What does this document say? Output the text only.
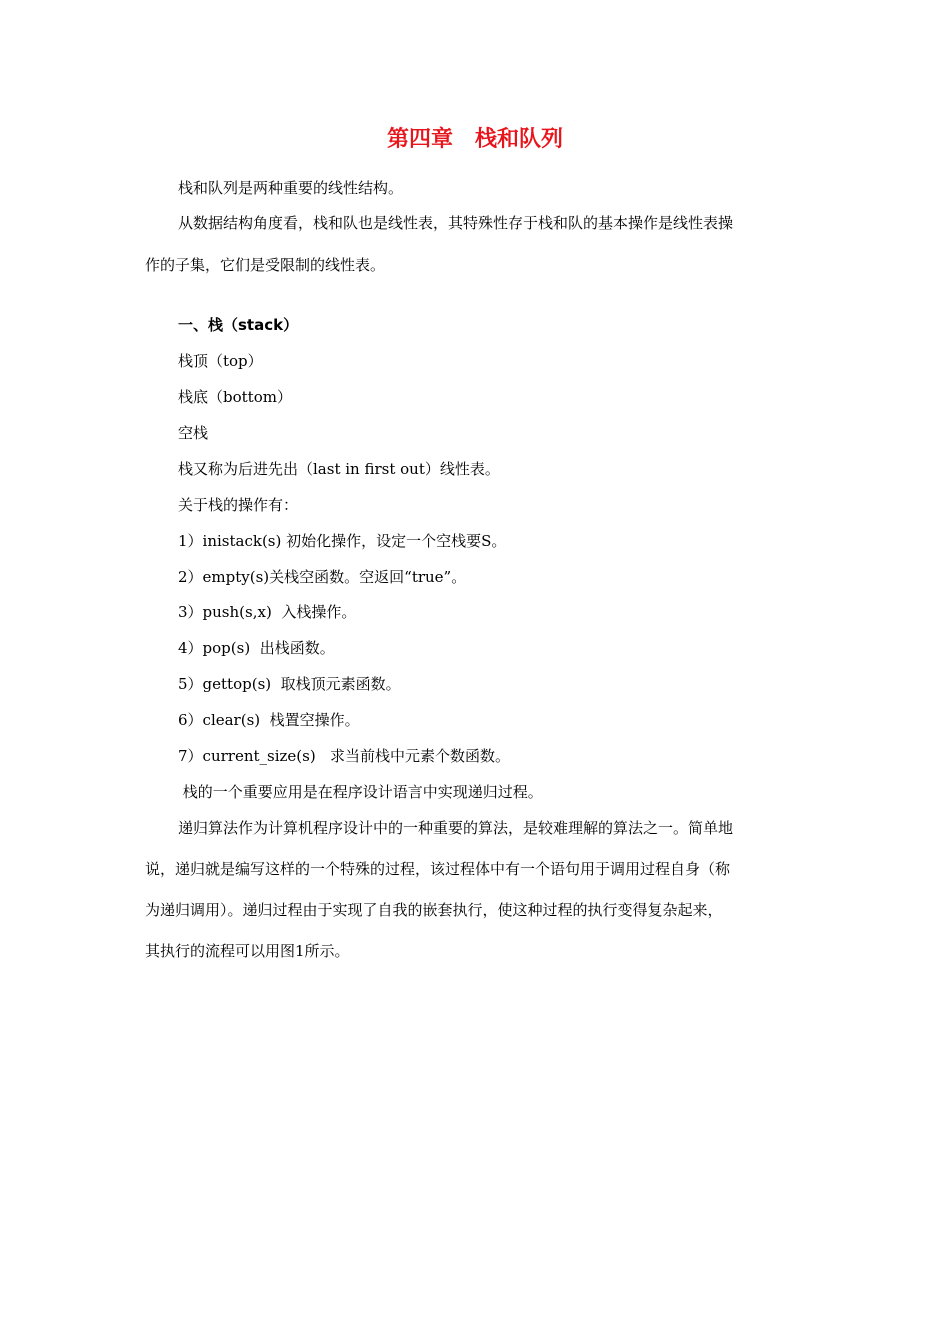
第四章　栈和队列
栈和队列是两种重要的线性结构。
从数据结构角度看，栈和队也是线性表，其特殊性存于栈和队的基本操作是线性表操
作的子集，它们是受限制的线性表。
一、栈（stack）
栈顶（top）
栈底（bottom）
空栈
栈又称为后进先出（last in first out）线性表。
关于栈的操作有：
1）inistack(s) 初始化操作，设定一个空栈要S。
2）empty(s)关栈空函数。空返回“true”。
3）push(s,x)  入栈操作。
4）pop(s)  出栈函数。
5）gettop(s)  取栈顶元素函数。
6）clear(s)  栈置空操作。
7）current_size(s)   求当前栈中元素个数函数。
栈的一个重要应用是在程序设计语言中实现递归过程。
递归算法作为计算机程序设计中的一种重要的算法，是较难理解的算法之一。简单地
说，递归就是编写这样的一个特殊的过程，该过程体中有一个语句用于调用过程自身（称
为递归调用）。递归过程由于实现了自我的嵌套执行，使这种过程的执行变得复杂起来，
其执行的流程可以用图1所示。
